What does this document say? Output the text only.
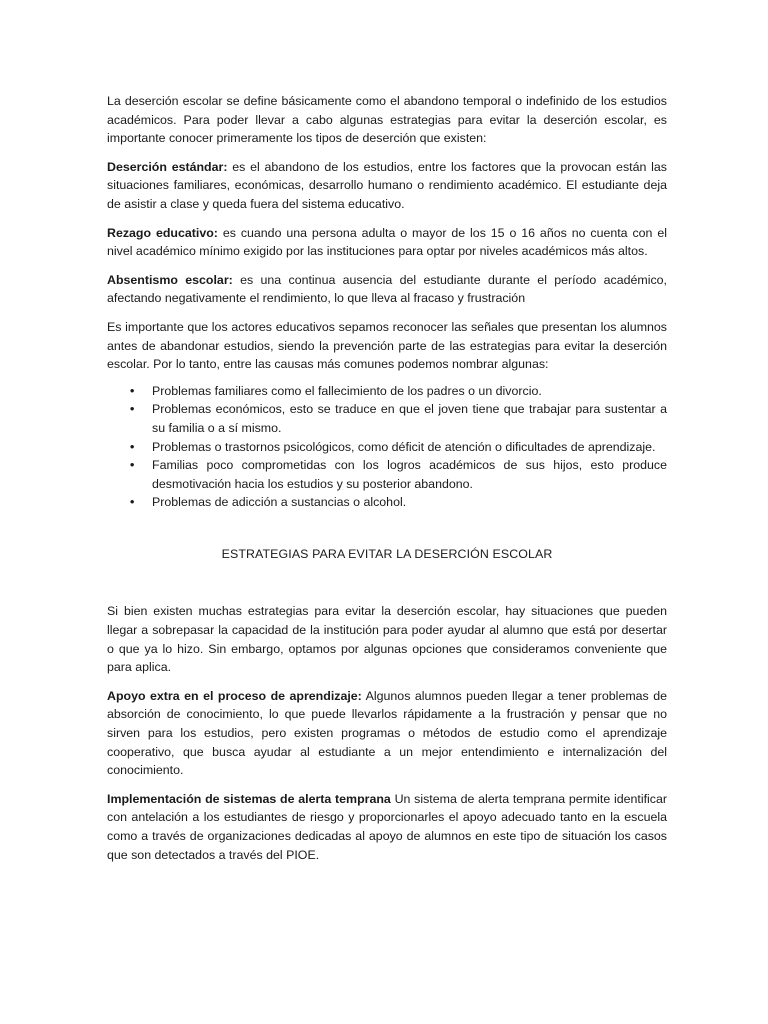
La deserción escolar se define básicamente como el abandono temporal o indefinido de los estudios académicos. Para poder llevar a cabo algunas estrategias para evitar la deserción escolar, es importante conocer primeramente los tipos de deserción que existen:

Deserción estándar: es el abandono de los estudios, entre los factores que la provocan están las situaciones familiares, económicas, desarrollo humano o rendimiento académico. El estudiante deja de asistir a clase y queda fuera del sistema educativo.

Rezago educativo: es cuando una persona adulta o mayor de los 15 o 16 años no cuenta con el nivel académico mínimo exigido por las instituciones para optar por niveles académicos más altos.

Absentismo escolar: es una continua ausencia del estudiante durante el período académico, afectando negativamente el rendimiento, lo que lleva al fracaso y frustración

Es importante que los actores educativos sepamos reconocer las señales que presentan los alumnos antes de abandonar estudios, siendo la prevención parte de las estrategias para evitar la deserción escolar. Por lo tanto, entre las causas más comunes podemos nombrar algunas:

• Problemas familiares como el fallecimiento de los padres o un divorcio.
• Problemas económicos, esto se traduce en que el joven tiene que trabajar para sustentar a su familia o a sí mismo.
• Problemas o trastornos psicológicos, como déficit de atención o dificultades de aprendizaje.
• Familias poco comprometidas con los logros académicos de sus hijos, esto produce desmotivación hacia los estudios y su posterior abandono.
• Problemas de adicción a sustancias o alcohol.
ESTRATEGIAS PARA EVITAR LA DESERCIÓN ESCOLAR

Si bien existen muchas estrategias para evitar la deserción escolar, hay situaciones que pueden llegar a sobrepasar la capacidad de la institución para poder ayudar al alumno que está por desertar o que ya lo hizo. Sin embargo, optamos por algunas opciones que consideramos conveniente que para aplica.

Apoyo extra en el proceso de aprendizaje: Algunos alumnos pueden llegar a tener problemas de absorción de conocimiento, lo que puede llevarlos rápidamente a la frustración y pensar que no sirven para los estudios, pero existen programas o métodos de estudio como el aprendizaje cooperativo, que busca ayudar al estudiante a un mejor entendimiento e internalización del conocimiento.

Implementación de sistemas de alerta temprana Un sistema de alerta temprana permite identificar con antelación a los estudiantes de riesgo y proporcionarles el apoyo adecuado tanto en la escuela como a través de organizaciones dedicadas al apoyo de alumnos en este tipo de situación los casos que son detectados a través del PIOE.
